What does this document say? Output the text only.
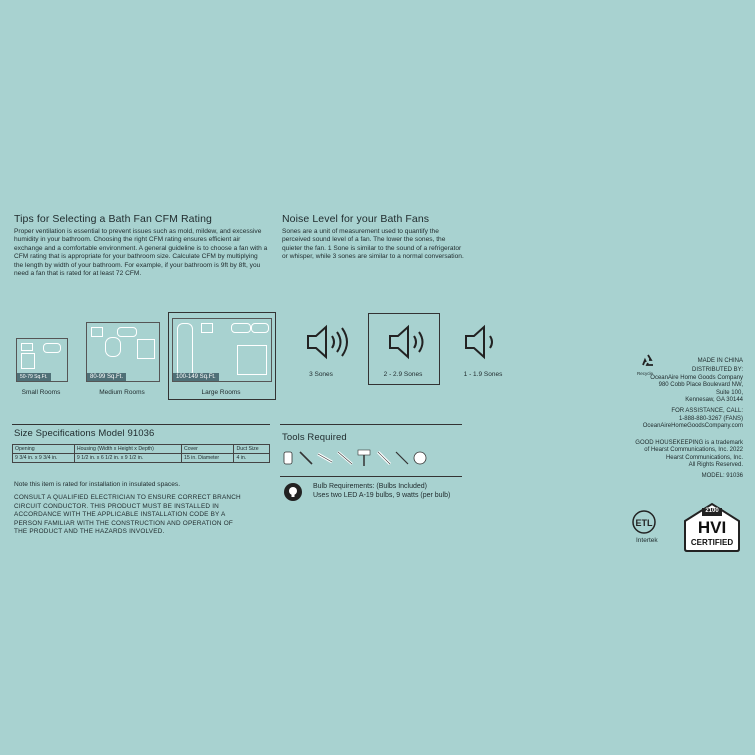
Tips for Selecting a Bath Fan CFM Rating
Proper ventilation is essential to prevent issues such as mold, mildew, and excessive humidity in your bathroom. Choosing the right CFM rating ensures efficient air exchange and a comfortable environment. A general guideline is to choose a fan with a CFM rating that is appropriate for your bathroom size. Calculate CFM by multiplying the length by width of your bathroom. For example, if your bathroom is 9ft by 8ft, you need a fan that is rated for at least 72 CFM.
50-79 Sq.Ft.
Small Rooms
80-99 Sq.Ft.
Medium Rooms
100-149 Sq.Ft.
Large Rooms
Noise Level for your Bath Fans
Sones are a unit of measurement used to quantify the perceived sound level of a fan. The lower the sones, the quieter the fan. 1 Sone is similar to the sound of a refrigerator or whisper, while 3 sones are similar to a normal conversation.
3 Sones	2 - 2.9 Sones	1 - 1.9 Sones
Size Specifications Model 91036
Opening	Housing (Width x Height x Depth)	Cover	Duct Size
9 3/4 in. x 9 3/4 in.	9 1/2 in. x 6 1/2 in. x 9 1/2 in.	15 in. Diameter	4 in.
Note this item is rated for installation in insulated spaces.
CONSULT A QUALIFIED ELECTRICIAN TO ENSURE CORRECT BRANCH CIRCUIT CONDUCTOR. THIS PRODUCT MUST BE INSTALLED IN ACCORDANCE WITH THE APPLICABLE INSTALLATION CODE BY A PERSON FAMILIAR WITH THE CONSTRUCTION AND OPERATION OF THE PRODUCT AND THE HAZARDS INVOLVED.
Tools Required
Bulb Requirements: (Bulbs Included)
Uses two LED A-19 bulbs, 9 watts (per bulb)
Recycle
MADE IN CHINA
DISTRIBUTED BY:
OceanAire Home Goods Company
980 Cobb Place Boulevard NW,
Suite 100,
Kennesaw, GA 30144
FOR ASSISTANCE, CALL:
1-888-880-3267 (FANS)
OceanAireHomeGoodsCompany.com
GOOD HOUSEKEEPING is a trademark
of Hearst Communications, Inc. 2022
Hearst Communications, Inc.
All Rights Reserved.
MODEL: 91036
ETL
Intertek
2100
HVI
CERTIFIED
